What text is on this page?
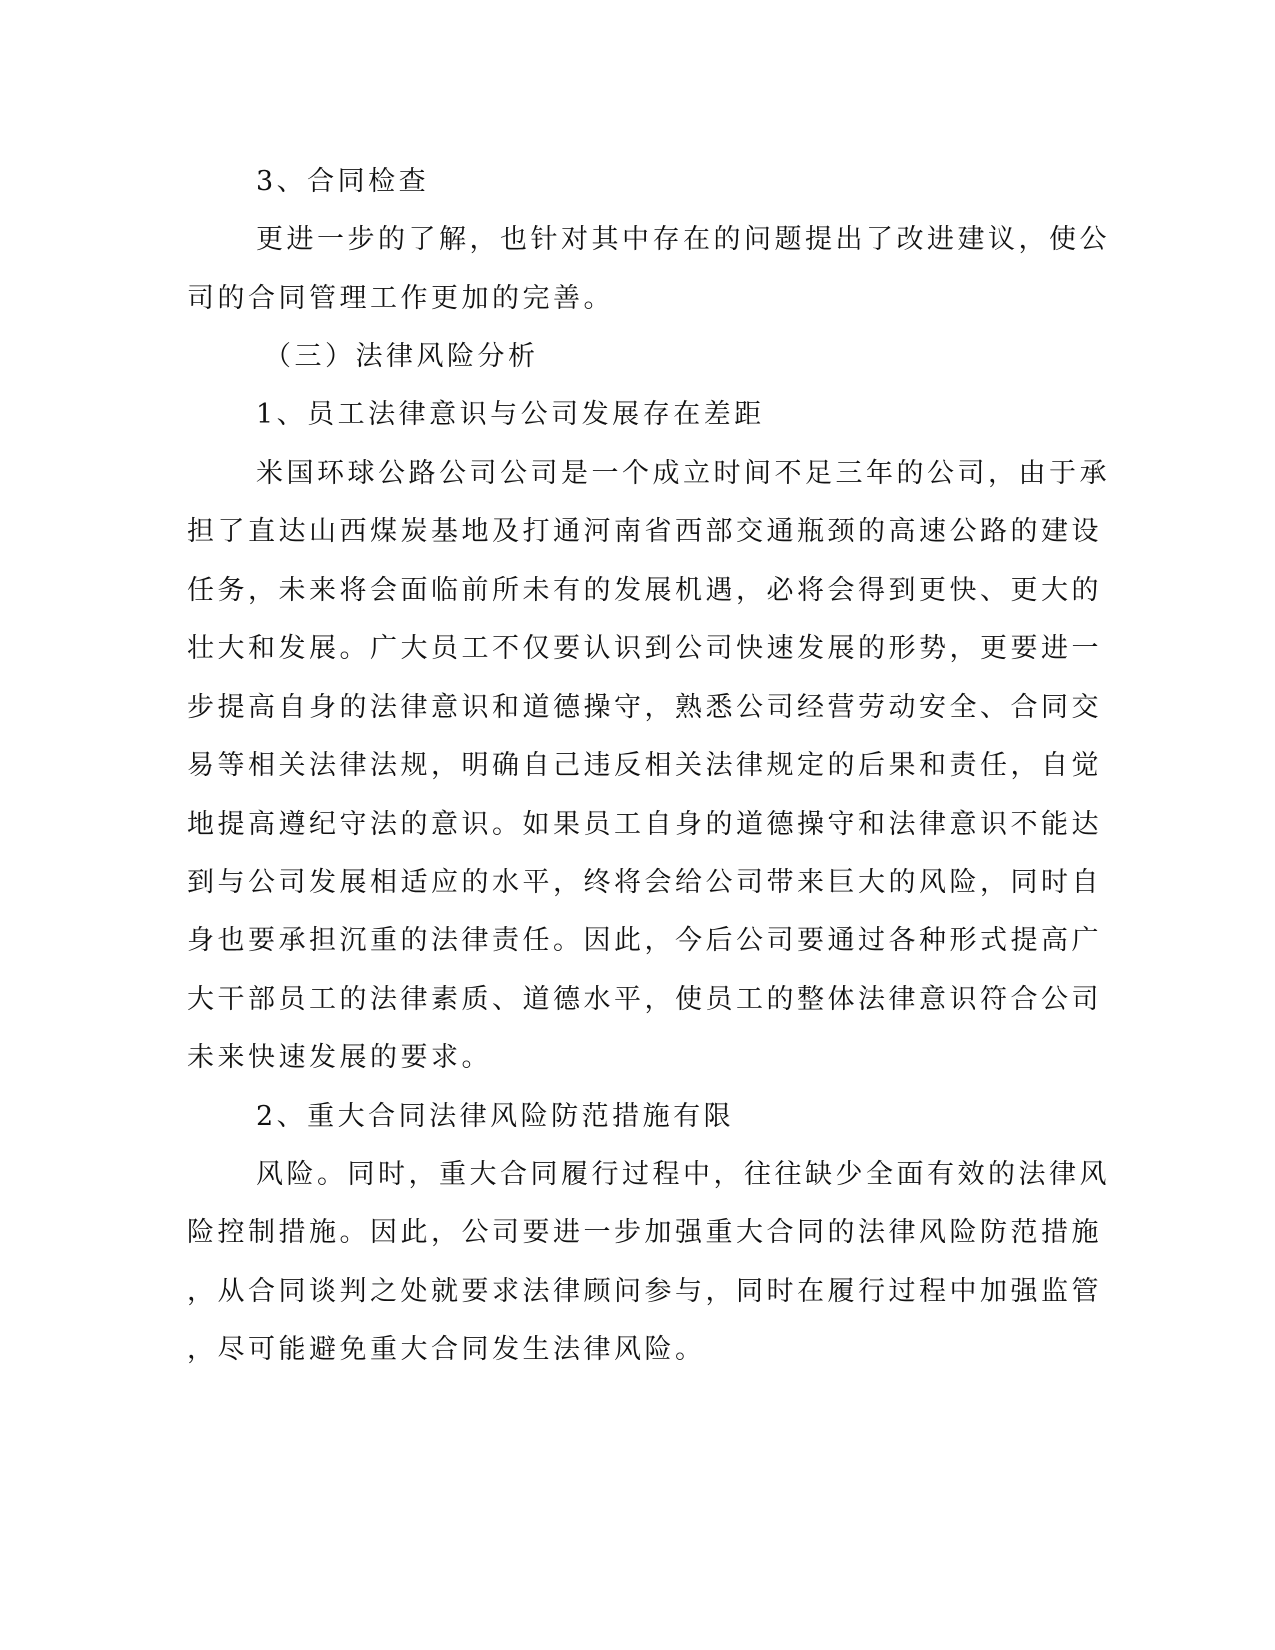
3、合同检查
更进一步的了解，也针对其中存在的问题提出了改进建议，使公
司的合同管理工作更加的完善。
（三）法律风险分析
1、员工法律意识与公司发展存在差距
米国环球公路公司公司是一个成立时间不足三年的公司，由于承
担了直达山西煤炭基地及打通河南省西部交通瓶颈的高速公路的建设
任务，未来将会面临前所未有的发展机遇，必将会得到更快、更大的
壮大和发展。广大员工不仅要认识到公司快速发展的形势，更要进一
步提高自身的法律意识和道德操守，熟悉公司经营劳动安全、合同交
易等相关法律法规，明确自己违反相关法律规定的后果和责任，自觉
地提高遵纪守法的意识。如果员工自身的道德操守和法律意识不能达
到与公司发展相适应的水平，终将会给公司带来巨大的风险，同时自
身也要承担沉重的法律责任。因此，今后公司要通过各种形式提高广
大干部员工的法律素质、道德水平，使员工的整体法律意识符合公司
未来快速发展的要求。
2、重大合同法律风险防范措施有限
风险。同时，重大合同履行过程中，往往缺少全面有效的法律风
险控制措施。因此，公司要进一步加强重大合同的法律风险防范措施
，从合同谈判之处就要求法律顾问参与，同时在履行过程中加强监管
，尽可能避免重大合同发生法律风险。
